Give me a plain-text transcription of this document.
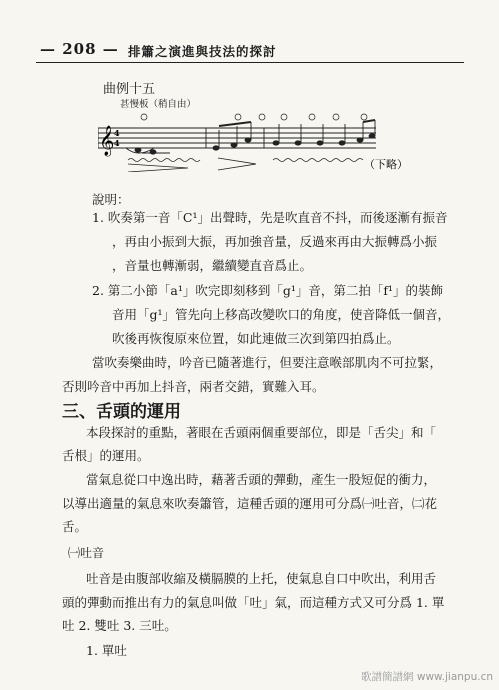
— 208 — 排簫之演進與技法的探討
曲例十五
甚慢板（稍自由）
𝄞 4
4
（下略）
說明：
1. 吹奏第一音「C¹」出聲時，先是吹直音不抖，而後逐漸有振音
，再由小振到大振，再加強音量，反過來再由大振轉爲小振
，音量也轉漸弱，繼續變直音爲止。
2. 第二小節「a¹」吹完即刻移到「g¹」音，第二拍「f¹」的裝飾
音用「g¹」管先向上移高改變吹口的角度，使音降低一個音，
吹後再恢復原來位置，如此連做三次到第四拍爲止。
當吹奏樂曲時，吟音已隨著進行，但要注意喉部肌肉不可拉緊，
否則吟音中再加上抖音，兩者交錯，實難入耳。
三、舌頭的運用
本段探討的重點，著眼在舌頭兩個重要部位，即是「舌尖」和「
舌根」的運用。
當氣息從口中逸出時，藉著舌頭的彈動，產生一股短促的衝力，
以導出適量的氣息來吹奏簫管，這種舌頭的運用可分爲㈠吐音，㈡花
舌。
㈠吐音
吐音是由腹部收縮及橫膈膜的上托，使氣息自口中吹出，利用舌
頭的彈動而推出有力的氣息叫做「吐」氣，而這種方式又可分爲 1. 單
吐 2. 雙吐 3. 三吐。
1. 單吐
歌譜簡譜網 www.jianpu.cn
